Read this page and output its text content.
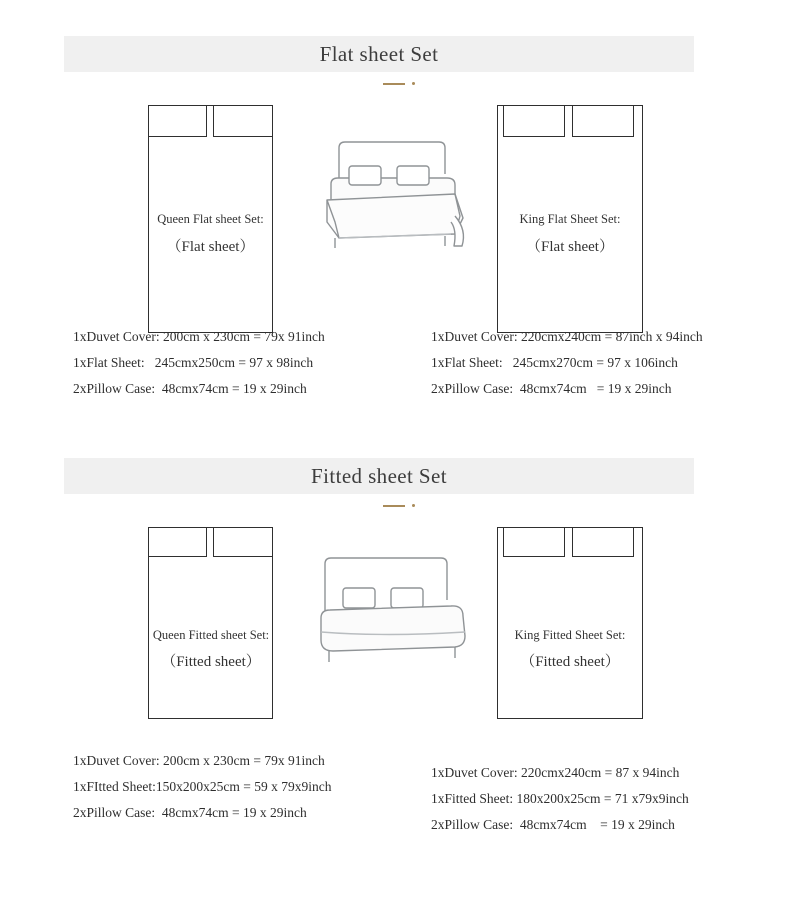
Flat sheet Set
Queen Flat sheet Set:
（Flat sheet）
King Flat Sheet Set:
（Flat sheet）
1xDuvet Cover: 200cm x 230cm = 79x 91inch
1xFlat Sheet:   245cmx250cm = 97 x 98inch
2xPillow Case:  48cmx74cm = 19 x 29inch
1xDuvet Cover: 220cmx240cm = 87inch x 94inch
1xFlat Sheet:   245cmx270cm = 97 x 106inch
2xPillow Case:  48cmx74cm   = 19 x 29inch
Fitted sheet Set
Queen Fitted sheet Set:
（Fitted sheet）
King Fitted Sheet Set:
（Fitted sheet）
1xDuvet Cover: 200cm x 230cm = 79x 91inch
1xFItted Sheet:150x200x25cm = 59 x 79x9inch
2xPillow Case:  48cmx74cm = 19 x 29inch
1xDuvet Cover: 220cmx240cm = 87 x 94inch
1xFitted Sheet: 180x200x25cm = 71 x79x9inch
2xPillow Case:  48cmx74cm    = 19 x 29inch
